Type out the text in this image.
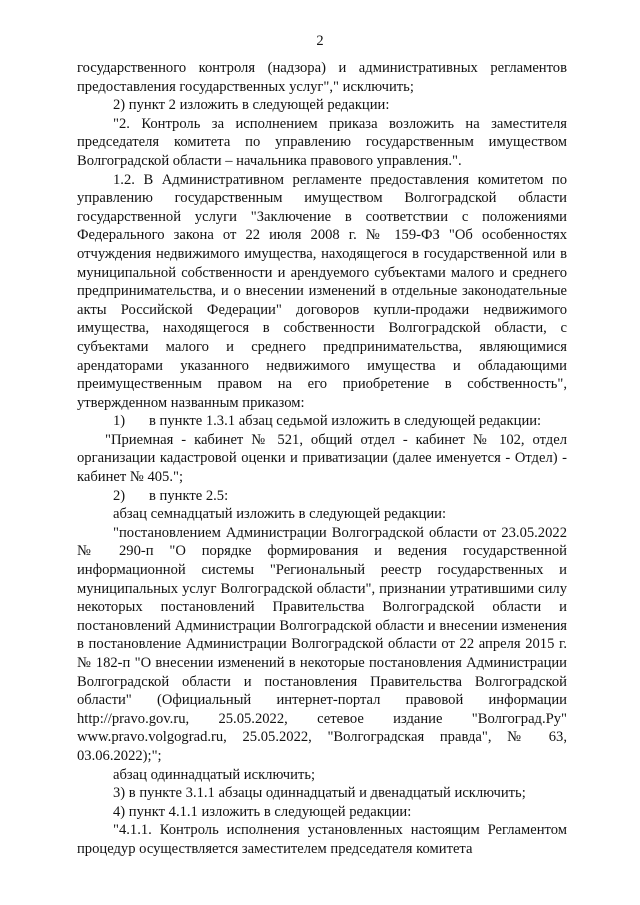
2

государственного контроля (надзора) и административных регламентов предоставления государственных услуг"," исключить;

2) пункт 2 изложить в следующей редакции:

"2. Контроль за исполнением приказа возложить на заместителя председателя комитета по управлению государственным имуществом Волгоградской области – начальника правового управления.".

1.2. В Административном регламенте предоставления комитетом по управлению государственным имуществом Волгоградской области государственной услуги "Заключение в соответствии с положениями Федерального закона от 22 июля 2008 г. № 159-ФЗ "Об особенностях отчуждения недвижимого имущества, находящегося в государственной или в муниципальной собственности и арендуемого субъектами малого и среднего предпринимательства, и о внесении изменений в отдельные законодательные акты Российской Федерации" договоров купли-продажи недвижимого имущества, находящегося в собственности Волгоградской области, с субъектами малого и среднего предпринимательства, являющимися арендаторами указанного недвижимого имущества и обладающими преимущественным правом на его приобретение в собственность", утвержденном названным приказом:

1)	в пункте 1.3.1 абзац седьмой изложить в следующей редакции:

"Приемная - кабинет № 521, общий отдел - кабинет № 102, отдел организации кадастровой оценки и приватизации (далее именуется - Отдел) - кабинет № 405.";

2)	в пункте 2.5:

абзац семнадцатый изложить в следующей редакции:

"постановлением Администрации Волгоградской области от 23.05.2022 № 290-п "О порядке формирования и ведения государственной информационной системы "Региональный реестр государственных и муниципальных услуг Волгоградской области", признании утратившими силу некоторых постановлений Правительства Волгоградской области и постановлений Администрации Волгоградской области и внесении изменения в постановление Администрации Волгоградской области от 22 апреля 2015 г. № 182-п "О внесении изменений в некоторые постановления Администрации Волгоградской области и постановления Правительства Волгоградской области" (Официальный интернет-портал правовой информации http://pravo.gov.ru, 25.05.2022, сетевое издание "Волгоград.Ру" www.pravo.volgograd.ru, 25.05.2022, "Волгоградская правда", № 63, 03.06.2022);";

абзац одиннадцатый исключить;

3) в пункте 3.1.1 абзацы одиннадцатый и двенадцатый исключить;

4) пункт 4.1.1 изложить в следующей редакции:

"4.1.1. Контроль исполнения установленных настоящим Регламентом процедур осуществляется заместителем председателя комитета
